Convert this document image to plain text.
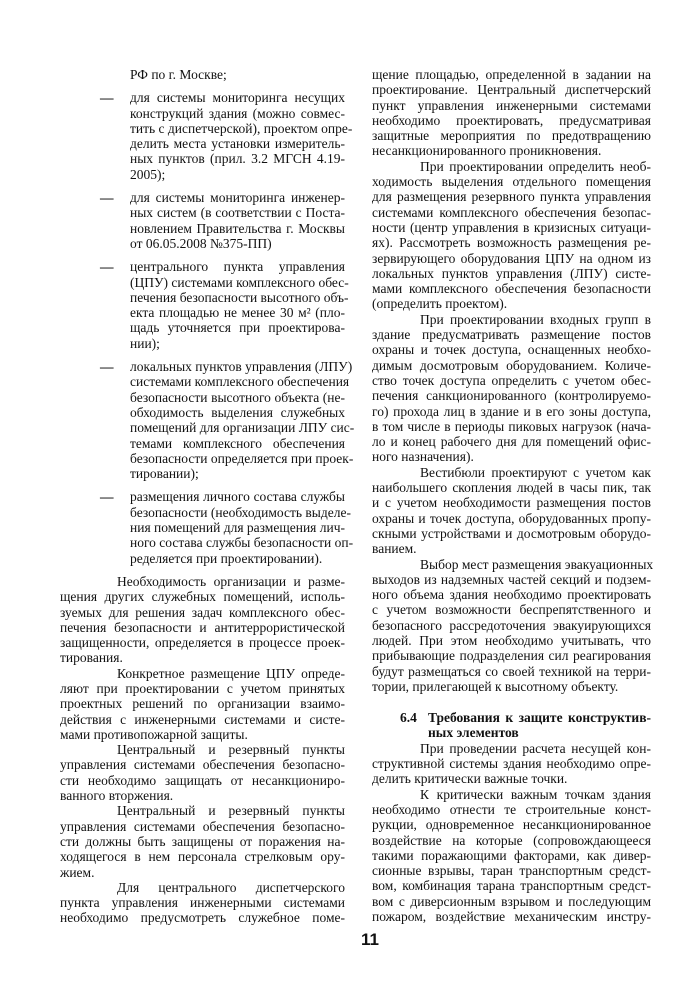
РФ по г. Москве;
— для системы мониторинга несущих
конструкций здания (можно совмес-
тить с диспетчерской), проектом опре-
делить места установки измеритель-
ных пунктов (прил. 3.2 МГСН 4.19-
2005);
— для системы мониторинга инженер-
ных систем (в соответствии с Поста-
новлением Правительства г. Москвы
от 06.05.2008 №375-ПП)
— центрального пункта управления
(ЦПУ) системами комплексного обес-
печения безопасности высотного объ-
екта площадью не менее 30 м² (пло-
щадь уточняется при проектирова-
нии);
— локальных пунктов управления (ЛПУ)
системами комплексного обеспечения
безопасности высотного объекта (не-
обходимость выделения служебных
помещений для организации ЛПУ сис-
темами комплексного обеспечения
безопасности определяется при проек-
тировании);
— размещения личного состава службы
безопасности (необходимость выделе-
ния помещений для размещения лич-
ного состава службы безопасности оп-
ределяется при проектировании).
Необходимость организации и разме-
щения других служебных помещений, исполь-
зуемых для решения задач комплексного обес-
печения безопасности и антитеррористической
защищенности, определяется в процессе проек-
тирования.
Конкретное размещение ЦПУ опреде-
ляют при проектировании с учетом принятых
проектных решений по организации взаимо-
действия с инженерными системами и систе-
мами противопожарной защиты.
Центральный и резервный пункты
управления системами обеспечения безопасно-
сти необходимо защищать от несанкциониро-
ванного вторжения.
Центральный и резервный пункты
управления системами обеспечения безопасно-
сти должны быть защищены от поражения на-
ходящегося в нем персонала стрелковым ору-
жием.
Для центрального диспетчерского
пункта управления инженерными системами
необходимо предусмотреть служебное поме-
щение площадью, определенной в задании на
проектирование. Центральный диспетчерский
пункт управления инженерными системами
необходимо проектировать, предусматривая
защитные мероприятия по предотвращению
несанкционированного проникновения.
При проектировании определить необ-
ходимость выделения отдельного помещения
для размещения резервного пункта управления
системами комплексного обеспечения безопас-
ности (центр управления в кризисных ситуаци-
ях). Рассмотреть возможность размещения ре-
зервирующего оборудования ЦПУ на одном из
локальных пунктов управления (ЛПУ) систе-
мами комплексного обеспечения безопасности
(определить проектом).
При проектировании входных групп в
здание предусматривать размещение постов
охраны и точек доступа, оснащенных необхо-
димым досмотровым оборудованием. Количе-
ство точек доступа определить с учетом обес-
печения санкционированного (контролируемо-
го) прохода лиц в здание и в его зоны доступа,
в том числе в периоды пиковых нагрузок (нача-
ло и конец рабочего дня для помещений офис-
ного назначения).
Вестибюли проектируют с учетом как
наибольшего скопления людей в часы пик, так
и с учетом необходимости размещения постов
охраны и точек доступа, оборудованных пропу-
скными устройствами и досмотровым оборудо-
ванием.
Выбор мест размещения эвакуационных
выходов из надземных частей секций и подзем-
ного объема здания необходимо проектировать
с учетом возможности беспрепятственного и
безопасного рассредоточения эвакуирующихся
людей. При этом необходимо учитывать, что
прибывающие подразделения сил реагирования
будут размещаться со своей техникой на терри-
тории, прилегающей к высотному объекту.
6.4 Требования к защите конструктив-
ных элементов
При проведении расчета несущей кон-
структивной системы здания необходимо опре-
делить критически важные точки.
К критически важным точкам здания
необходимо отнести те строительные конст-
рукции, одновременное несанкционированное
воздействие на которые (сопровождающееся
такими поражающими факторами, как дивер-
сионные взрывы, таран транспортным средст-
вом, комбинация тарана транспортным средст-
вом с диверсионным взрывом и последующим
пожаром, воздействие механическим инстру-
11
